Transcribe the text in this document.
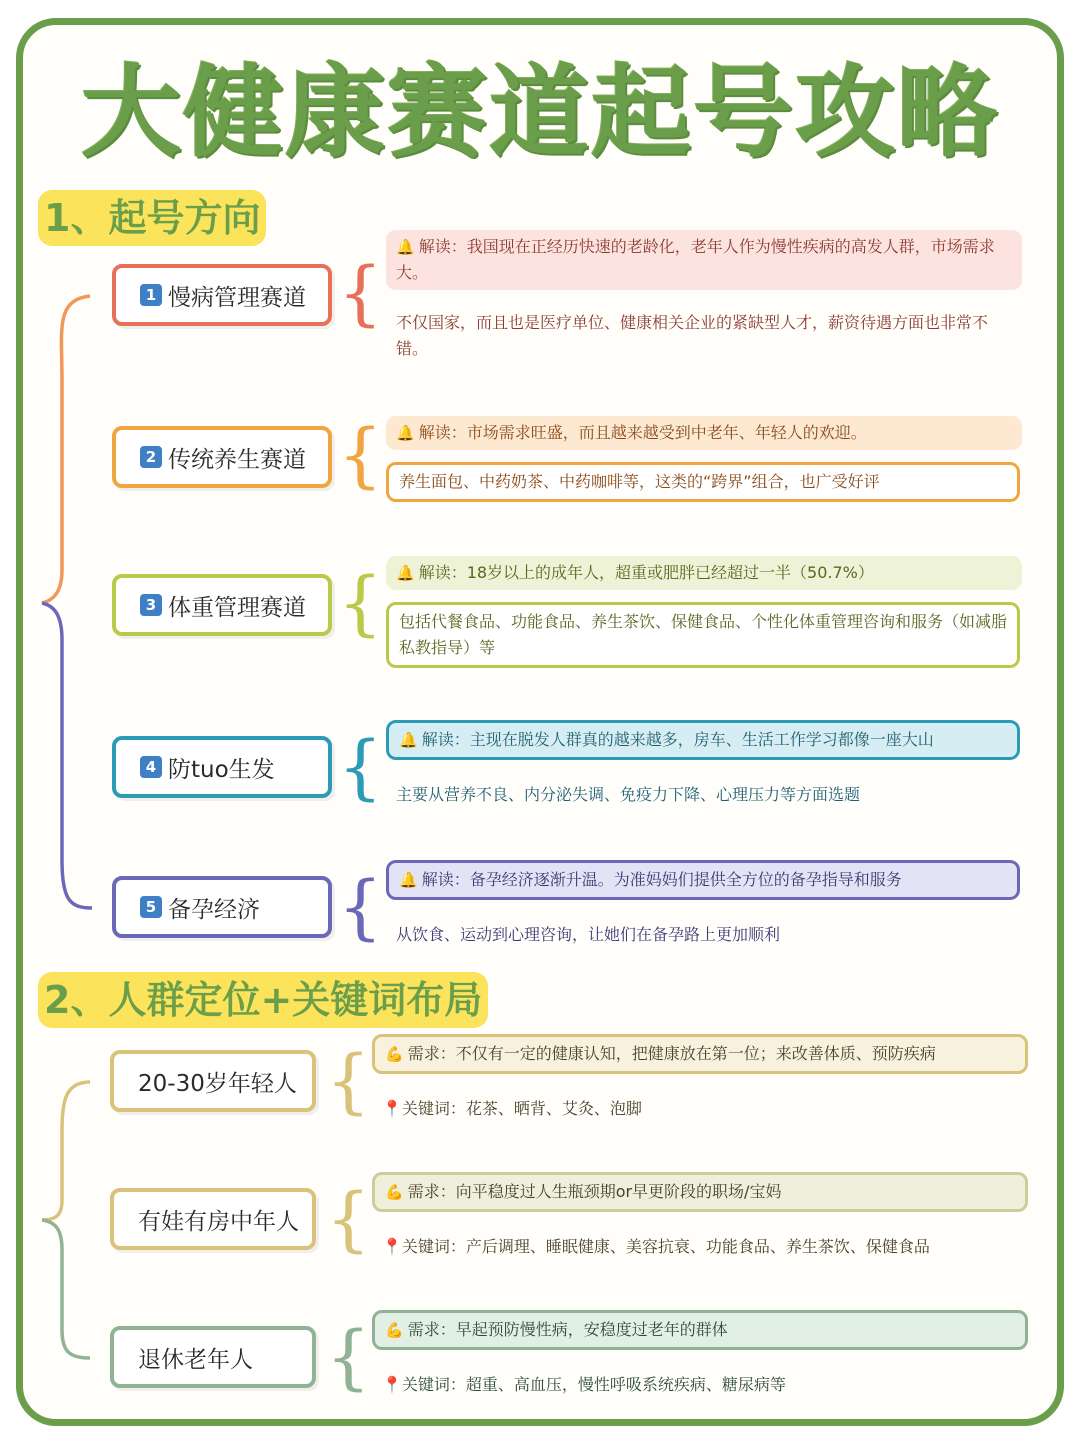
大健康赛道起号攻略
1、起号方向
1 慢病管理赛道 {
🔔 解读：我国现在正经历快速的老龄化，老年人作为慢性疾病的高发人群，市场需求大。
不仅国家，而且也是医疗单位、健康相关企业的紧缺型人才，薪资待遇方面也非常不错。
2 传统养生赛道 { 🔔 解读：市场需求旺盛，而且越来越受到中老年、年轻人的欢迎。
养生面包、中药奶茶、中药咖啡等，这类的“跨界”组合，也广受好评
3 体重管理赛道 { 🔔 解读：18岁以上的成年人，超重或肥胖已经超过一半（50.7%）
包括代餐食品、功能食品、养生茶饮、保健食品、个性化体重管理咨询和服务（如减脂私教指导）等
4 防tuo生发 {	🔔 解读：主现在脱发人群真的越来越多，房车、生活工作学习都像一座大山
主要从营养不良、内分泌失调、免疫力下降、心理压力等方面选题
5 备孕经济 {	🔔 解读：备孕经济逐渐升温。为准妈妈们提供全方位的备孕指导和服务
从饮食、运动到心理咨询，让她们在备孕路上更加顺利
2、人群定位+关键词布局
20-30岁年轻人 { 💪 需求：不仅有一定的健康认知，把健康放在第一位；来改善体质、预防疾病
📍关键词：花茶、晒背、艾灸、泡脚
有娃有房中年人 { 💪 需求：向平稳度过人生瓶颈期or早更阶段的职场/宝妈
📍关键词：产后调理、睡眠健康、美容抗衰、功能食品、养生茶饮、保健食品
退休老年人 { 💪 需求：早起预防慢性病，安稳度过老年的群体
📍关键词：超重、高血压，慢性呼吸系统疾病、糖尿病等
